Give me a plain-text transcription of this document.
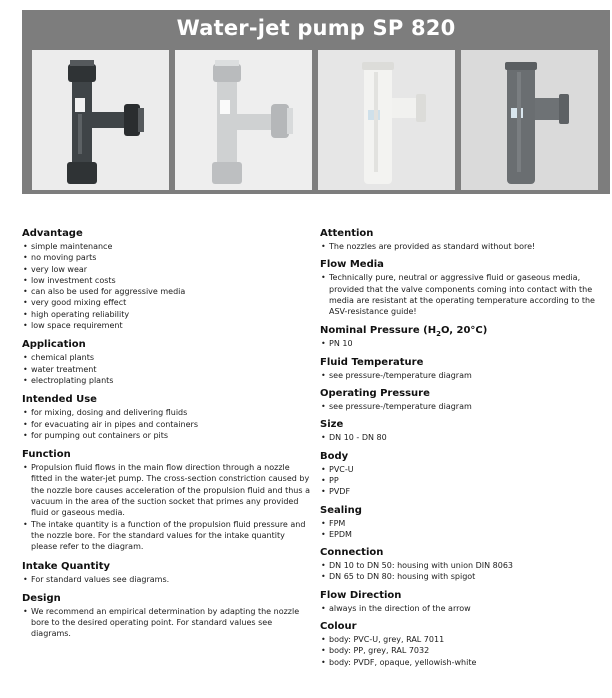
Water-jet pump SP 820
Advantage
• simple maintenance
• no moving parts
• very low wear
• low investment costs
• can also be used for aggressive media
• very good mixing effect
• high operating reliability
• low space requirement
Application
• chemical plants
• water treatment
• electroplating plants
Intended Use
• for mixing, dosing and delivering fluids
• for evacuating air in pipes and containers
• for pumping out containers or pits
Function
• Propulsion fluid flows in the main flow direction through a nozzle fitted in the water-jet pump. The cross-section constriction caused by the nozzle bore causes acceleration of the propulsion fluid and thus a vacuum in the area of the suction socket that primes any provided fluid or gaseous media.
• The intake quantity is a function of the propulsion fluid pressure and the nozzle bore. For the standard values for the intake quantity please refer to the diagram.
Intake Quantity
• For standard values see diagrams.
Design
• We recommend an empirical determination by adapting the nozzle bore to the desired operating point. For standard values see diagrams.
Attention
• The nozzles are provided as standard without bore!
Flow Media
• Technically pure, neutral or aggressive fluid or gaseous media, provided that the valve components coming into contact with the media are resistant at the operating temperature according to the ASV-resistance guide!
Nominal Pressure ($H_2O$, 20°C)
• PN 10
Fluid Temperature
• see pressure-/temperature diagram
Operating Pressure
• see pressure-/temperature diagram
Size
• DN 10 - DN 80
Body
• PVC-U
• PP
• PVDF
Sealing
• FPM
• EPDM
Connection
• DN 10 to DN 50: housing with union DIN 8063
• DN 65 to DN 80: housing with spigot
Flow Direction
• always in the direction of the arrow
Colour
• body: PVC-U, grey, RAL 7011
• body: PP, grey, RAL 7032
• body: PVDF, opaque, yellowish-white
